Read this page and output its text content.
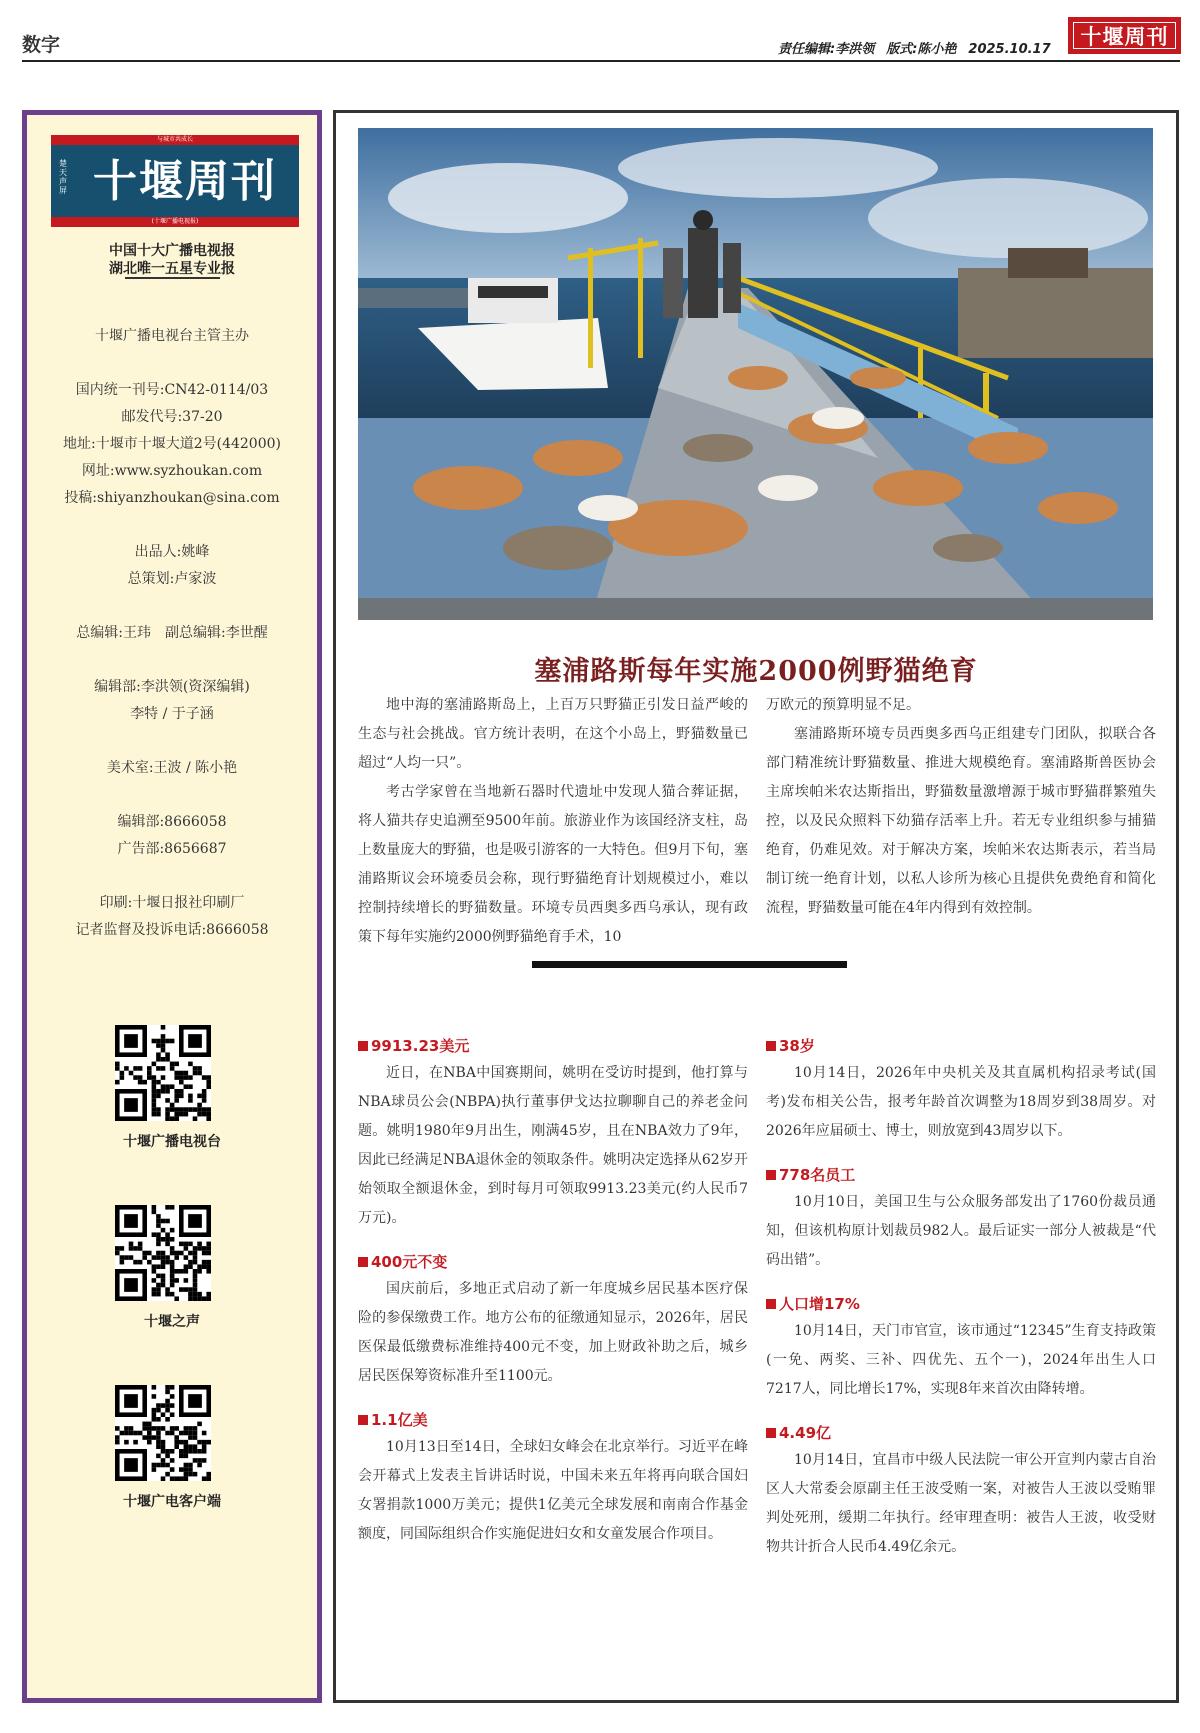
数字	责任编辑:李洪领 版式:陈小艳 2025.10.17
十堰周刊
与城市共成长
楚天声屏 十堰周刊
(十堰广播电视报)
中国十大广播电视报
湖北唯一五星专业报
十堰广播电视台主管主办
国内统一刊号:CN42-0114/03
邮发代号:37-20
地址:十堰市十堰大道2号(442000)
网址:www.syzhoukan.com
投稿:shiyanzhoukan@sina.com
出品人:姚峰
总策划:卢家波
总编辑:王玮　副总编辑:李世醒
编辑部:李洪领(资深编辑)
李特 / 于子涵
美术室:王波 / 陈小艳
编辑部:8666058
广告部:8656687
印刷:十堰日报社印刷厂
记者监督及投诉电话:8666058
十堰广播电视台
十堰之声
十堰广电客户端
塞浦路斯每年实施2000例野猫绝育

地中海的塞浦路斯岛上，上百万只野猫正引发日益严峻的生态与社会挑战。官方统计表明，在这个小岛上，野猫数量已超过“人均一只”。

考古学家曾在当地新石器时代遗址中发现人猫合葬证据，将人猫共存史追溯至9500年前。旅游业作为该国经济支柱，岛上数量庞大的野猫，也是吸引游客的一大特色。但9月下旬，塞浦路斯议会环境委员会称，现行野猫绝育计划规模过小，难以控制持续增长的野猫数量。环境专员西奥多西乌承认，现有政策下每年实施约2000例野猫绝育手术，10

万欧元的预算明显不足。

塞浦路斯环境专员西奥多西乌正组建专门团队，拟联合各部门精准统计野猫数量、推进大规模绝育。塞浦路斯兽医协会主席埃帕米农达斯指出，野猫数量激增源于城市野猫群繁殖失控，以及民众照料下幼猫存活率上升。若无专业组织参与捕猫绝育，仍难见效。对于解决方案，埃帕米农达斯表示，若当局制订统一绝育计划，以私人诊所为核心且提供免费绝育和简化流程，野猫数量可能在4年内得到有效控制。

9913.23美元

近日，在NBA中国赛期间，姚明在受访时提到，他打算与NBA球员公会(NBPA)执行董事伊戈达拉聊聊自己的养老金问题。姚明1980年9月出生，刚满45岁，且在NBA效力了9年，因此已经满足NBA退休金的领取条件。姚明决定选择从62岁开始领取全额退休金，到时每月可领取9913.23美元(约人民币7万元)。

400元不变

国庆前后，多地正式启动了新一年度城乡居民基本医疗保险的参保缴费工作。地方公布的征缴通知显示，2026年，居民医保最低缴费标准维持400元不变，加上财政补助之后，城乡居民医保筹资标准升至1100元。

1.1亿美

10月13日至14日，全球妇女峰会在北京举行。习近平在峰会开幕式上发表主旨讲话时说，中国未来五年将再向联合国妇女署捐款1000万美元；提供1亿美元全球发展和南南合作基金额度，同国际组织合作实施促进妇女和女童发展合作项目。

38岁

10月14日，2026年中央机关及其直属机构招录考试(国考)发布相关公告，报考年龄首次调整为18周岁到38周岁。对2026年应届硕士、博士，则放宽到43周岁以下。

778名员工

10月10日，美国卫生与公众服务部发出了1760份裁员通知，但该机构原计划裁员982人。最后证实一部分人被裁是“代码出错”。

人口增17%

10月14日，天门市官宣，该市通过“12345”生育支持政策(一免、两奖、三补、四优先、五个一)，2024年出生人口7217人，同比增长17%，实现8年来首次由降转增。

4.49亿

10月14日，宜昌市中级人民法院一审公开宣判内蒙古自治区人大常委会原副主任王波受贿一案，对被告人王波以受贿罪判处死刑，缓期二年执行。经审理查明：被告人王波，收受财物共计折合人民币4.49亿余元。
